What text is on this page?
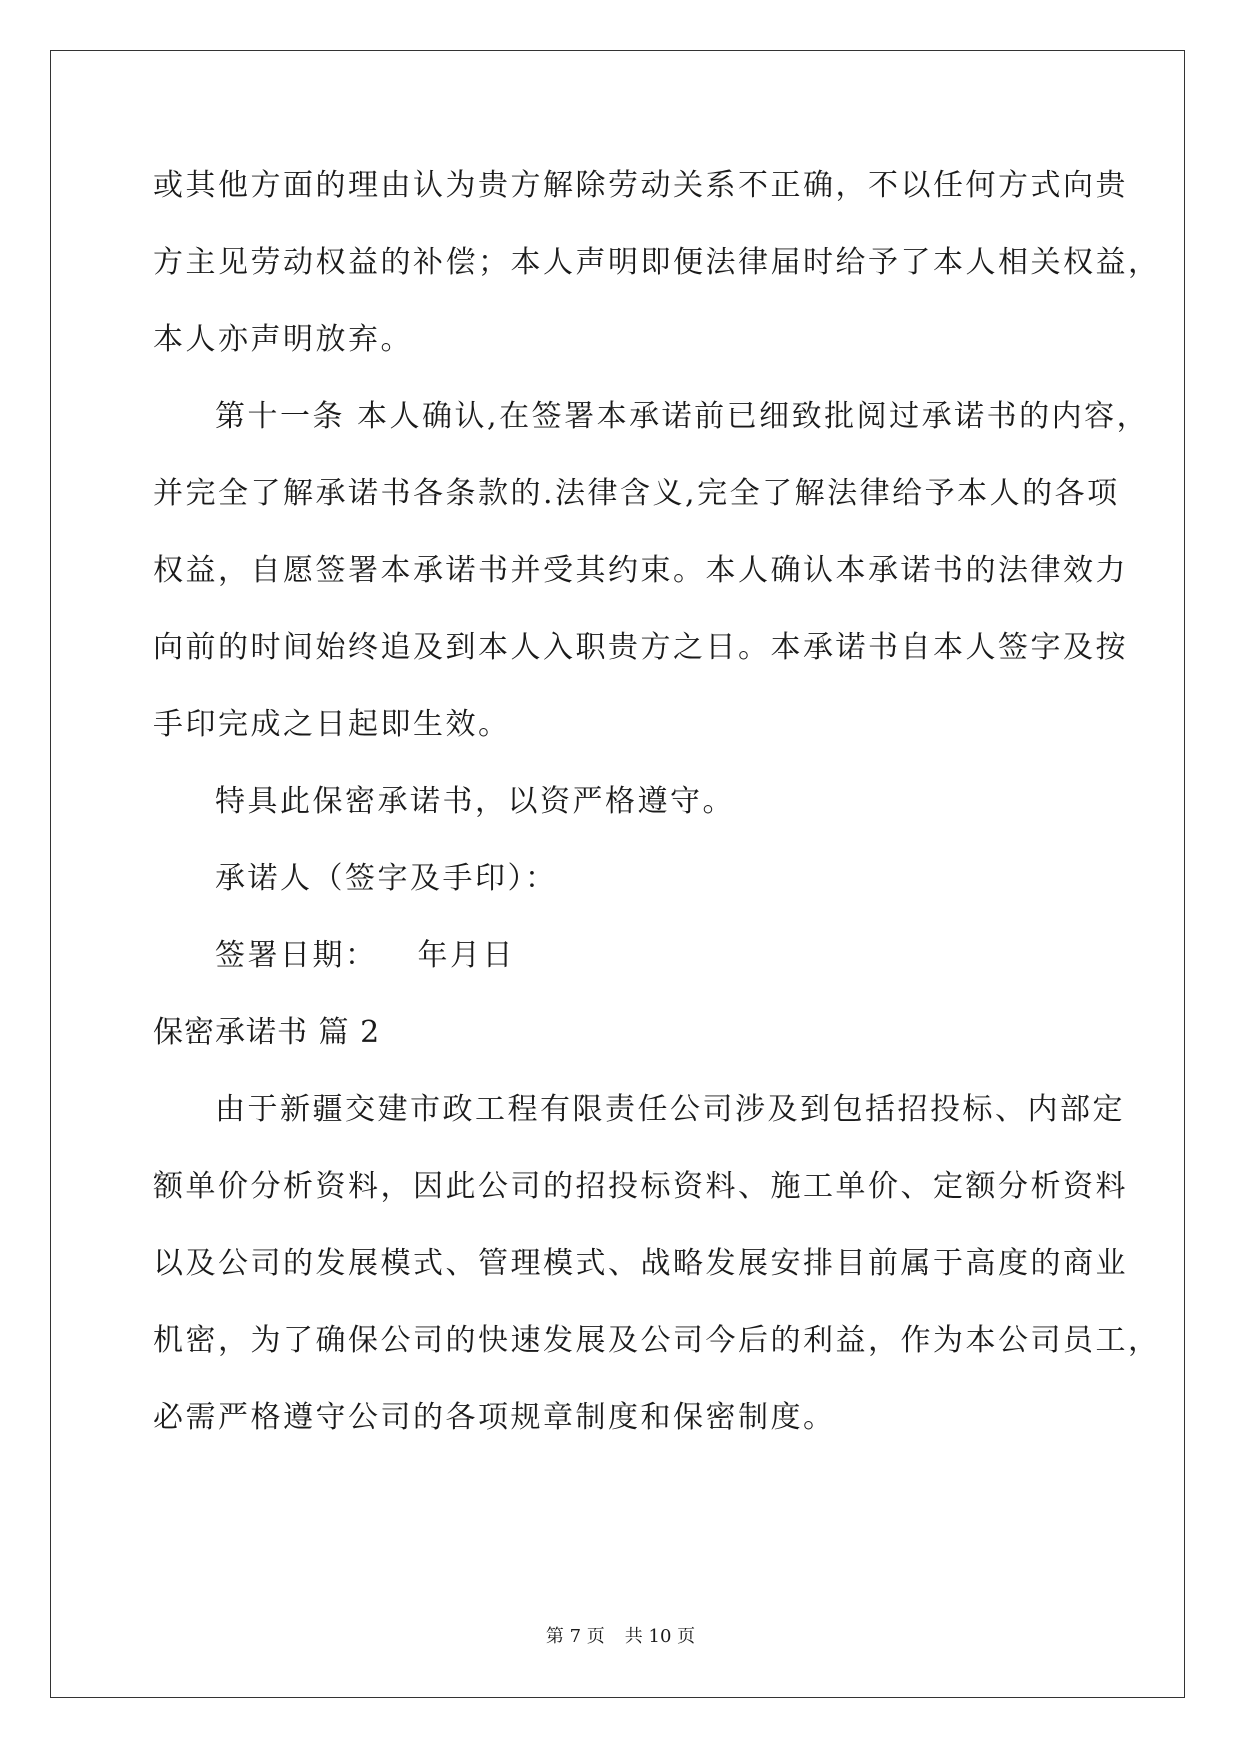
或其他方面的理由认为贵方解除劳动关系不正确，不以任何方式向贵
方主见劳动权益的补偿；本人声明即便法律届时给予了本人相关权益，
本人亦声明放弃。
第十一条 本人确认,在签署本承诺前已细致批阅过承诺书的内容，
并完全了解承诺书各条款的.法律含义,完全了解法律给予本人的各项
权益，自愿签署本承诺书并受其约束。本人确认本承诺书的法律效力
向前的时间始终追及到本人入职贵方之日。本承诺书自本人签字及按
手印完成之日起即生效。
特具此保密承诺书，以资严格遵守。
承诺人（签字及手印）：
签署日期： 年月日
保密承诺书 篇 2
由于新疆交建市政工程有限责任公司涉及到包括招投标、内部定
额单价分析资料，因此公司的招投标资料、施工单价、定额分析资料
以及公司的发展模式、管理模式、战略发展安排目前属于高度的商业
机密，为了确保公司的快速发展及公司今后的利益，作为本公司员工，
必需严格遵守公司的各项规章制度和保密制度。
第 7 页 共 10 页
